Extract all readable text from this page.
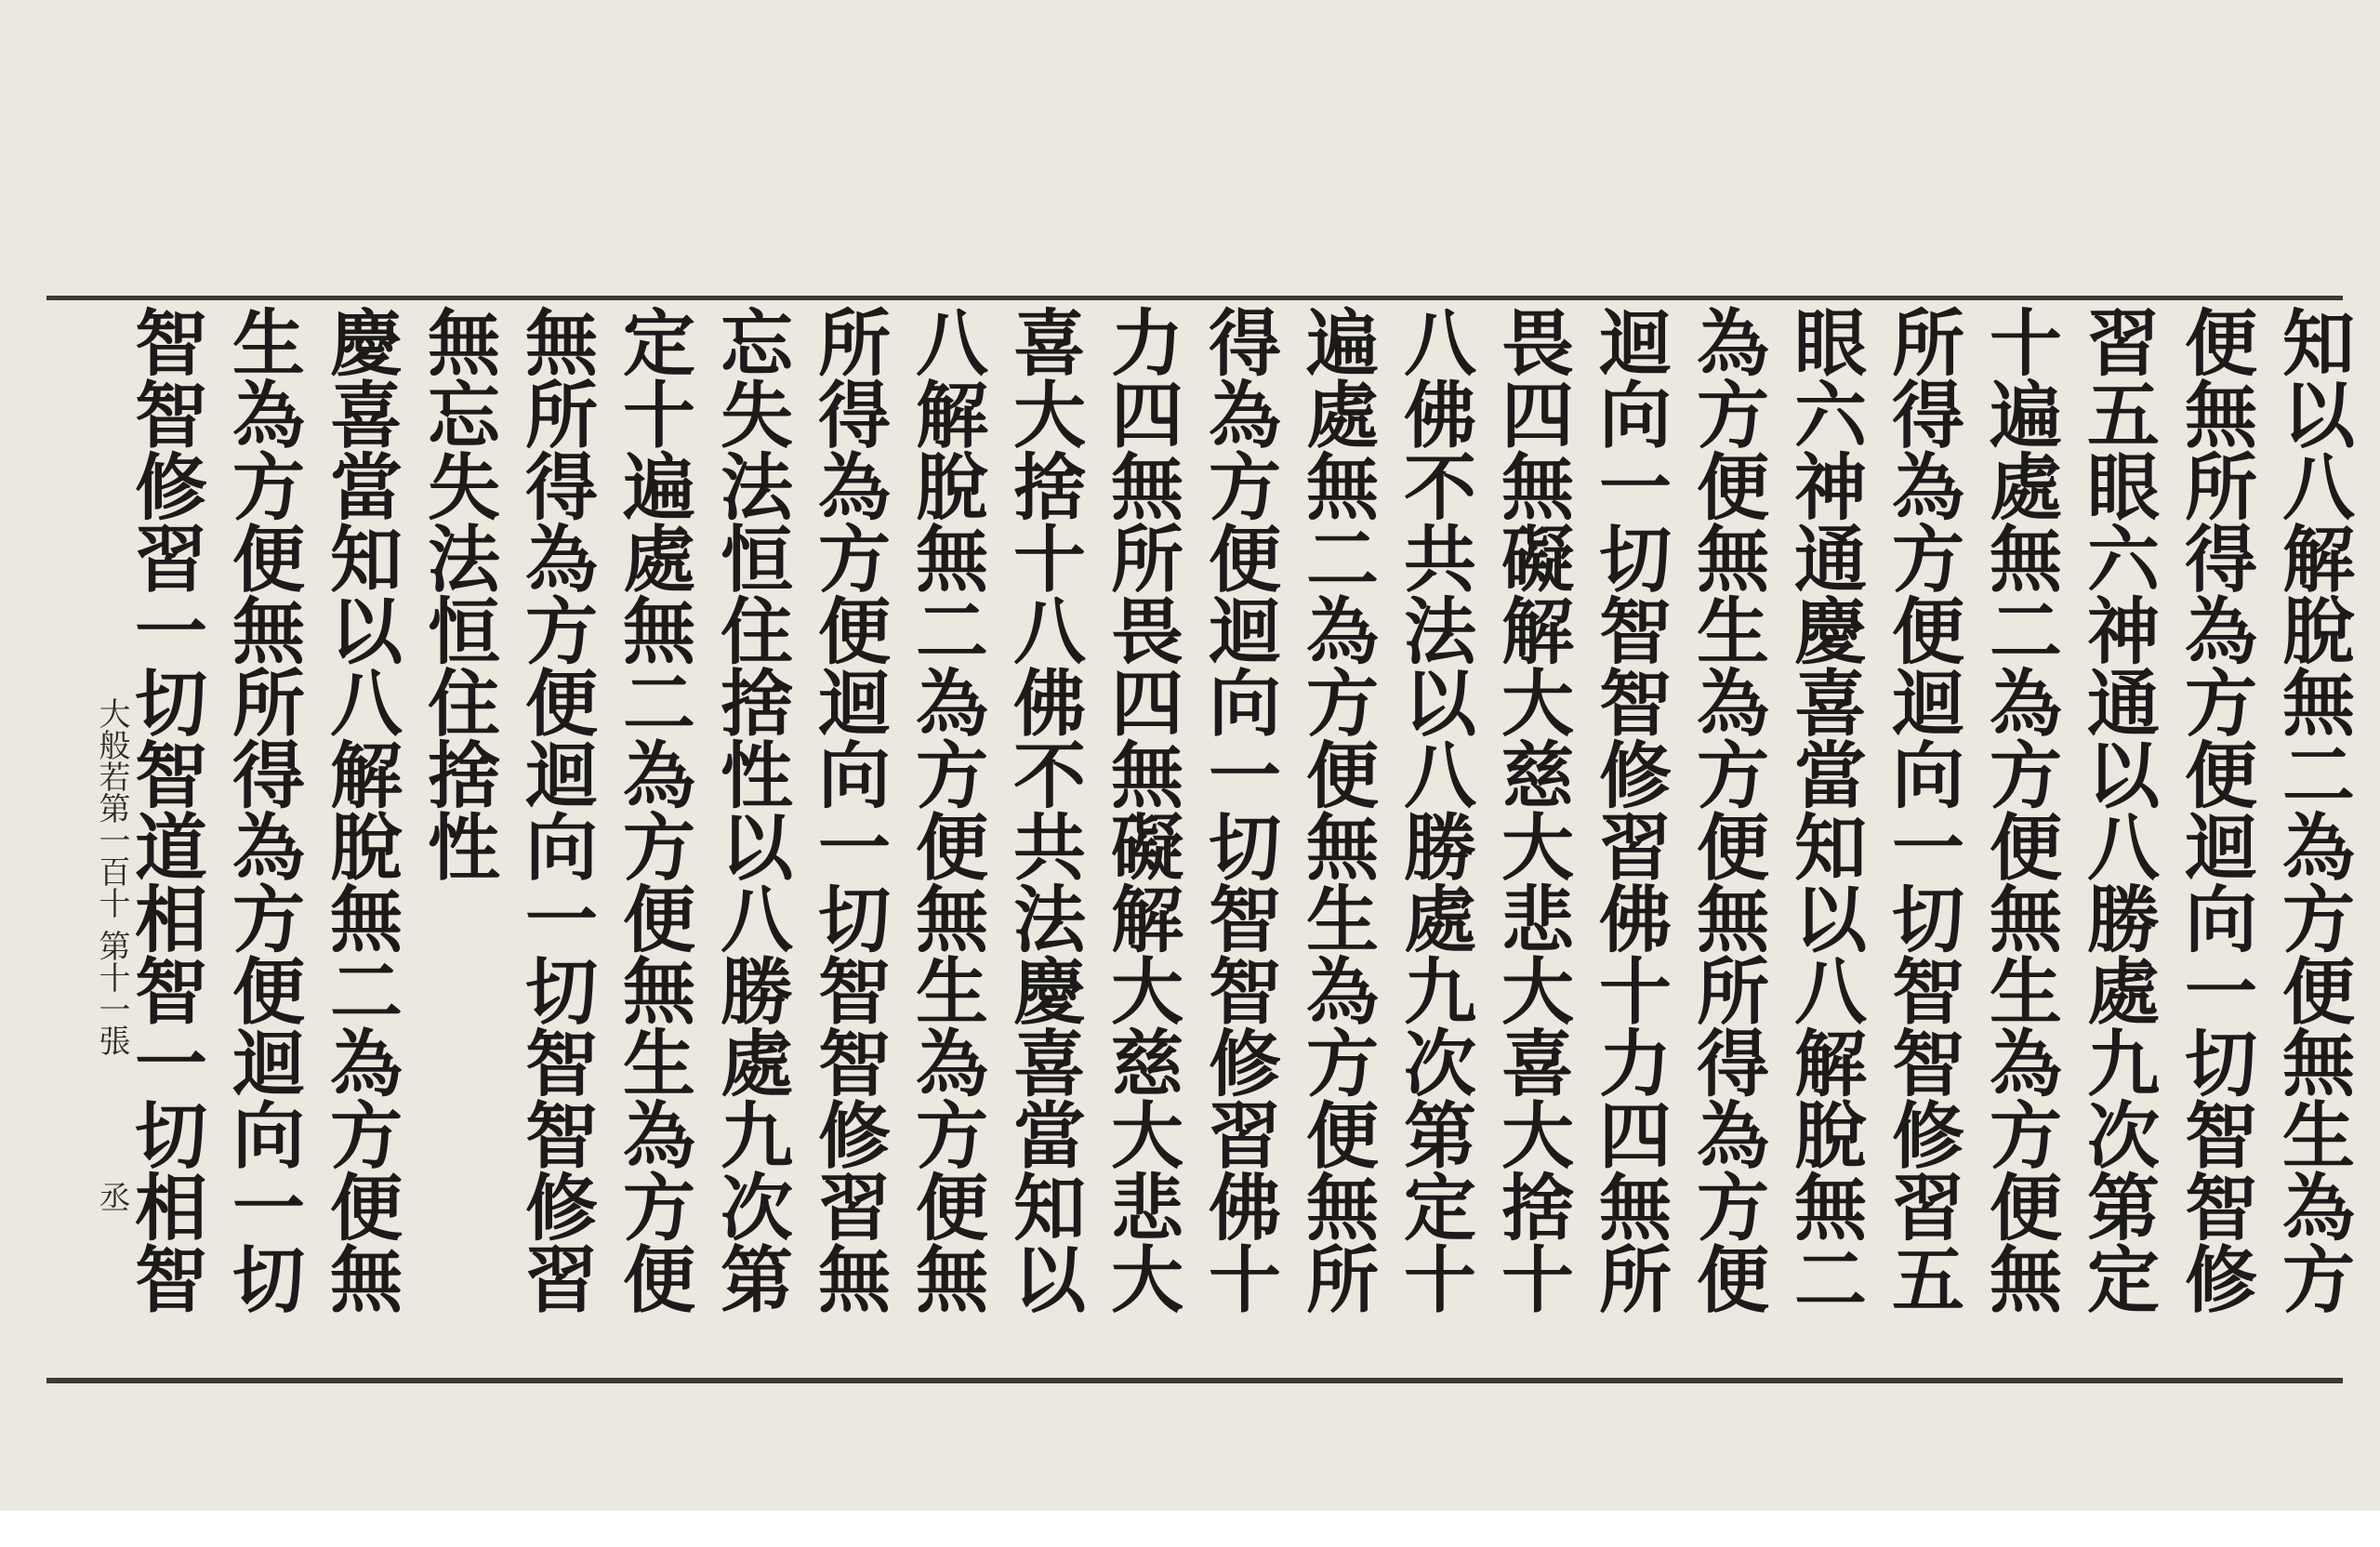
知以八解脫無二為方便無生為方
便無所得為方便迴向一切智智修
習五眼六神通以八勝處九次第定
十遍處無二為方便無生為方便無
所得為方便迴向一切智智修習五
眼六神通慶喜當知以八解脫無二
為方便無生為方便無所得為方便
迴向一切智智修習佛十力四無所
畏四無礙解大慈大悲大喜大捨十
八佛不共法以八勝處九次第定十
遍處無二為方便無生為方便無所
得為方便迴向一切智智修習佛十
力四無所畏四無礙解大慈大悲大
喜大捨十八佛不共法慶喜當知以
八解脫無二為方便無生為方便無
所得為方便迴向一切智智修習無
忘失法恒住捨性以八勝處九次第
定十遍處無二為方便無生為方便
無所得為方便迴向一切智智修習
無忘失法恒住捨性
慶喜當知以八解脫無二為方便無
生為方便無所得為方便迴向一切
智智修習一切智道相智一切相智
大般若第一百十
第十一張
丞
